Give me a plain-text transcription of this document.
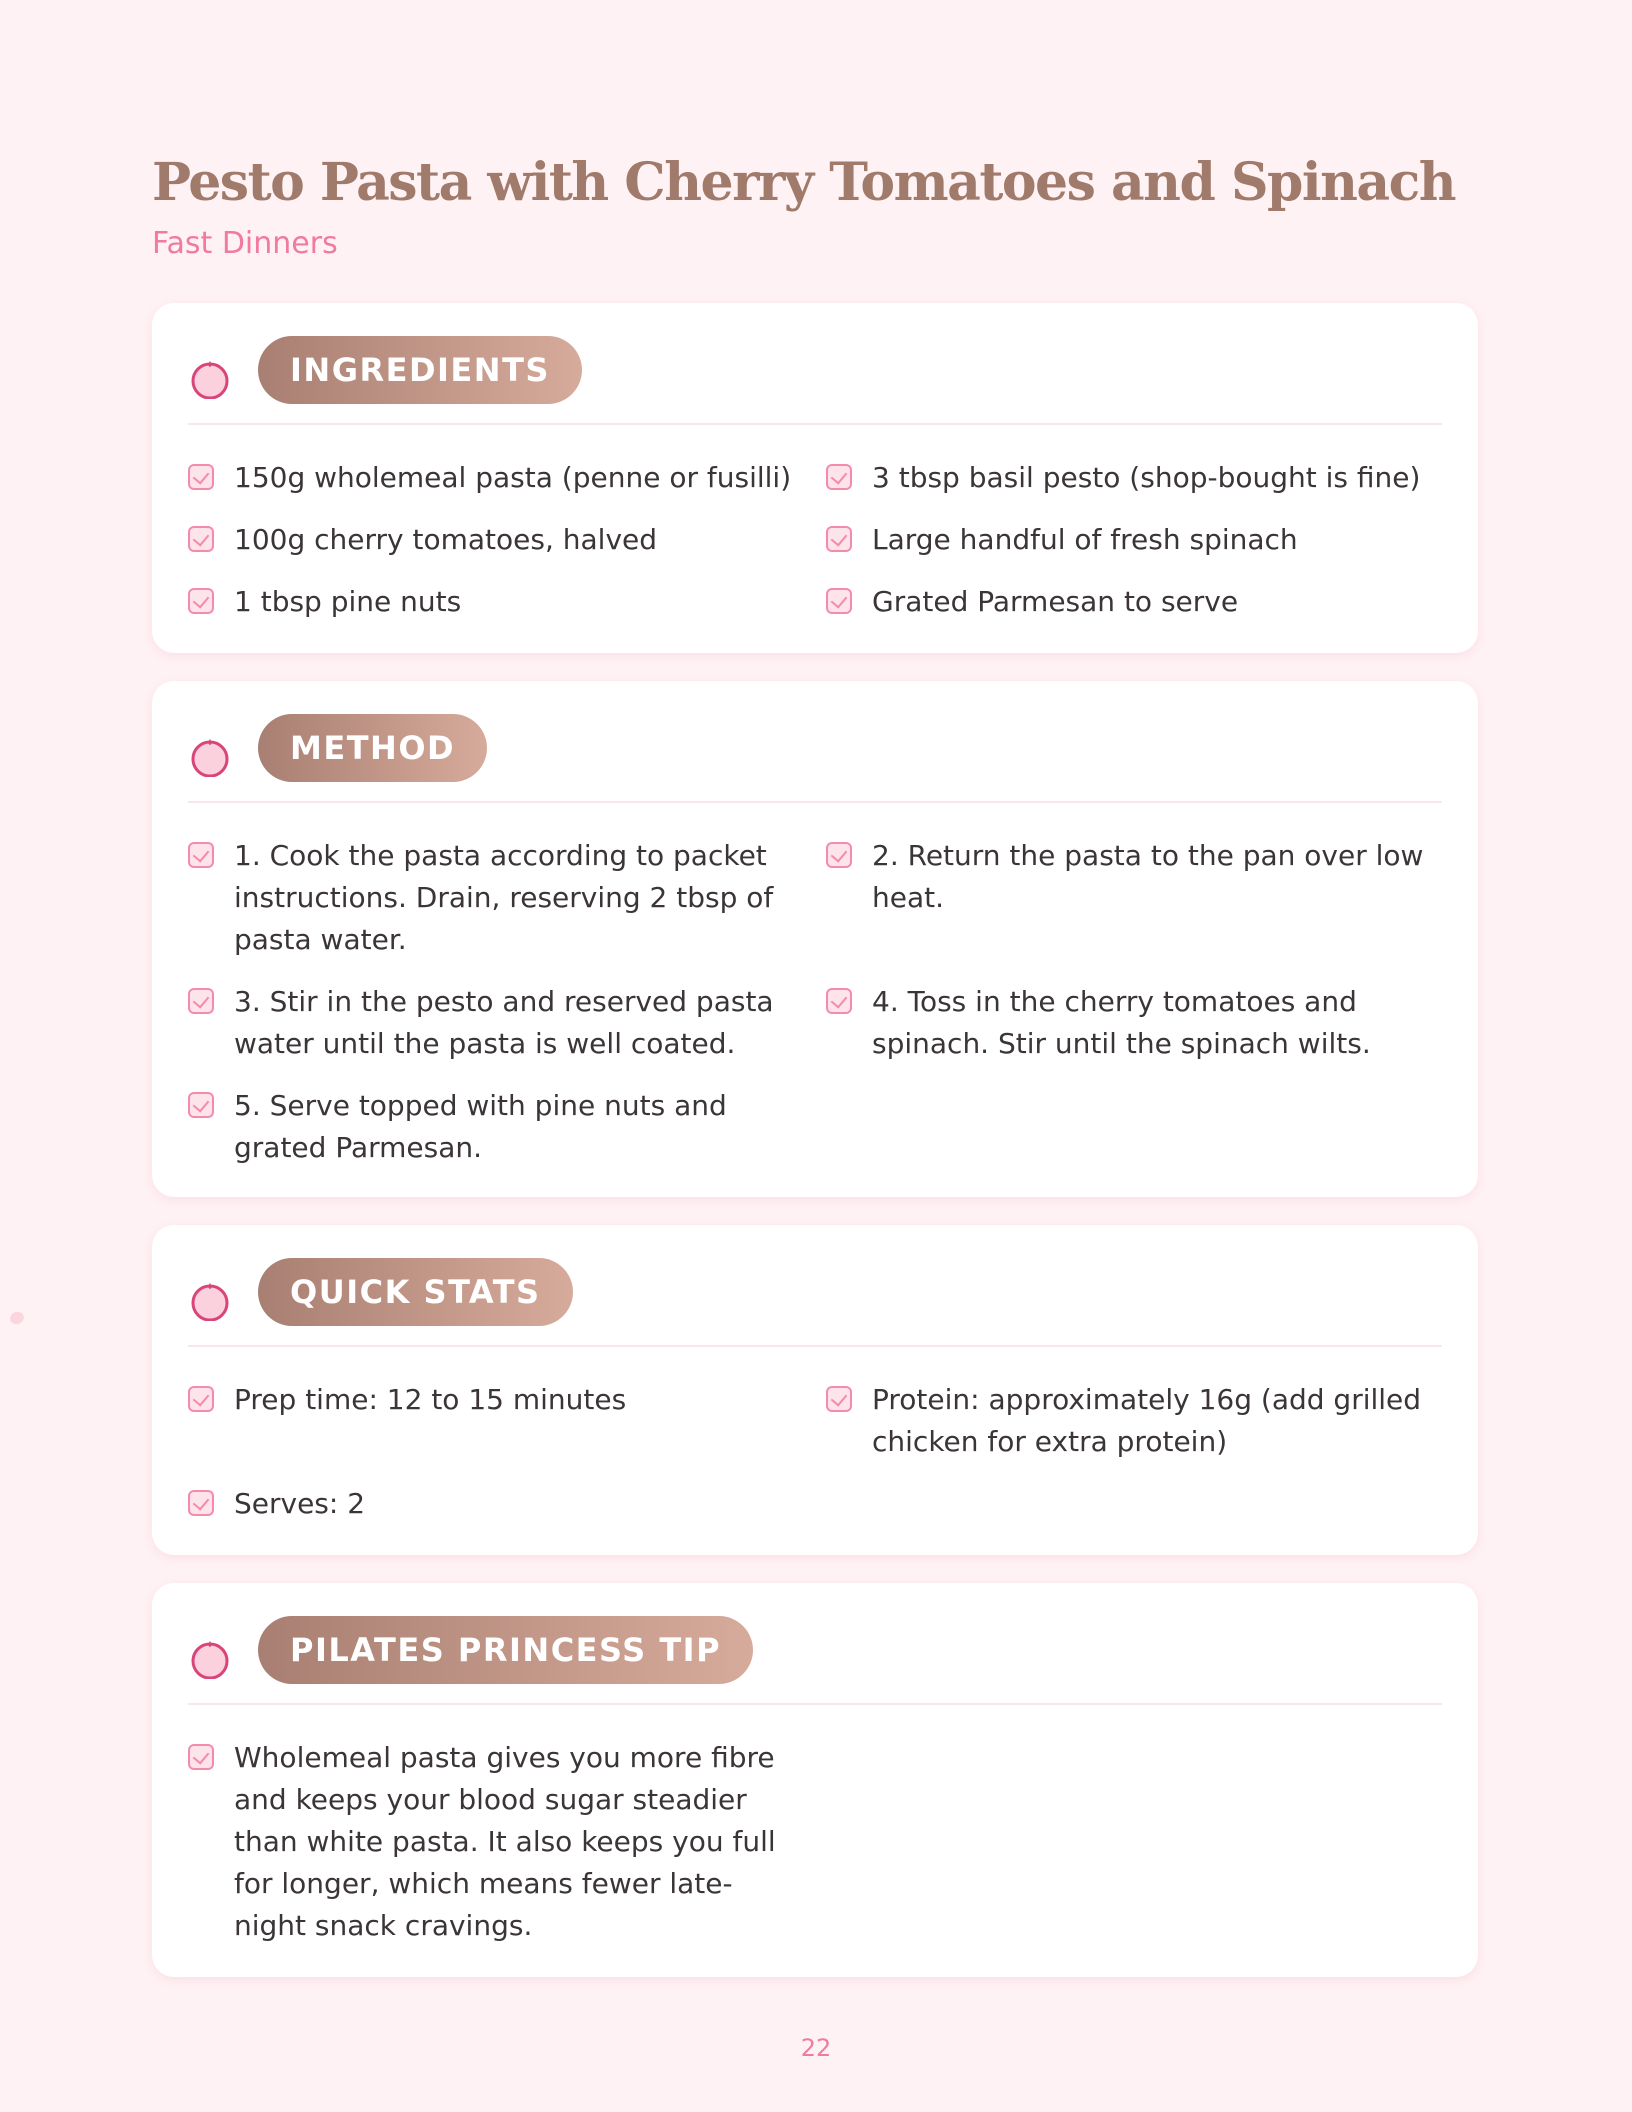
Pesto Pasta with Cherry Tomatoes and Spinach
Fast Dinners
INGREDIENTS
150g wholemeal pasta (penne or fusilli)
100g cherry tomatoes, halved
1 tbsp pine nuts
3 tbsp basil pesto (shop-bought is fine)
Large handful of fresh spinach
Grated Parmesan to serve
METHOD
1. Cook the pasta according to packet instructions. Drain, reserving 2 tbsp of pasta water.
3. Stir in the pesto and reserved pasta water until the pasta is well coated.
5. Serve topped with pine nuts and grated Parmesan.
2. Return the pasta to the pan over low heat.
4. Toss in the cherry tomatoes and spinach. Stir until the spinach wilts.
QUICK STATS
Prep time: 12 to 15 minutes
Serves: 2
Protein: approximately 16g (add grilled chicken for extra protein)
PILATES PRINCESS TIP
Wholemeal pasta gives you more fibre and keeps your blood sugar steadier than white pasta. It also keeps you full for longer, which means fewer late-night snack cravings.
22
